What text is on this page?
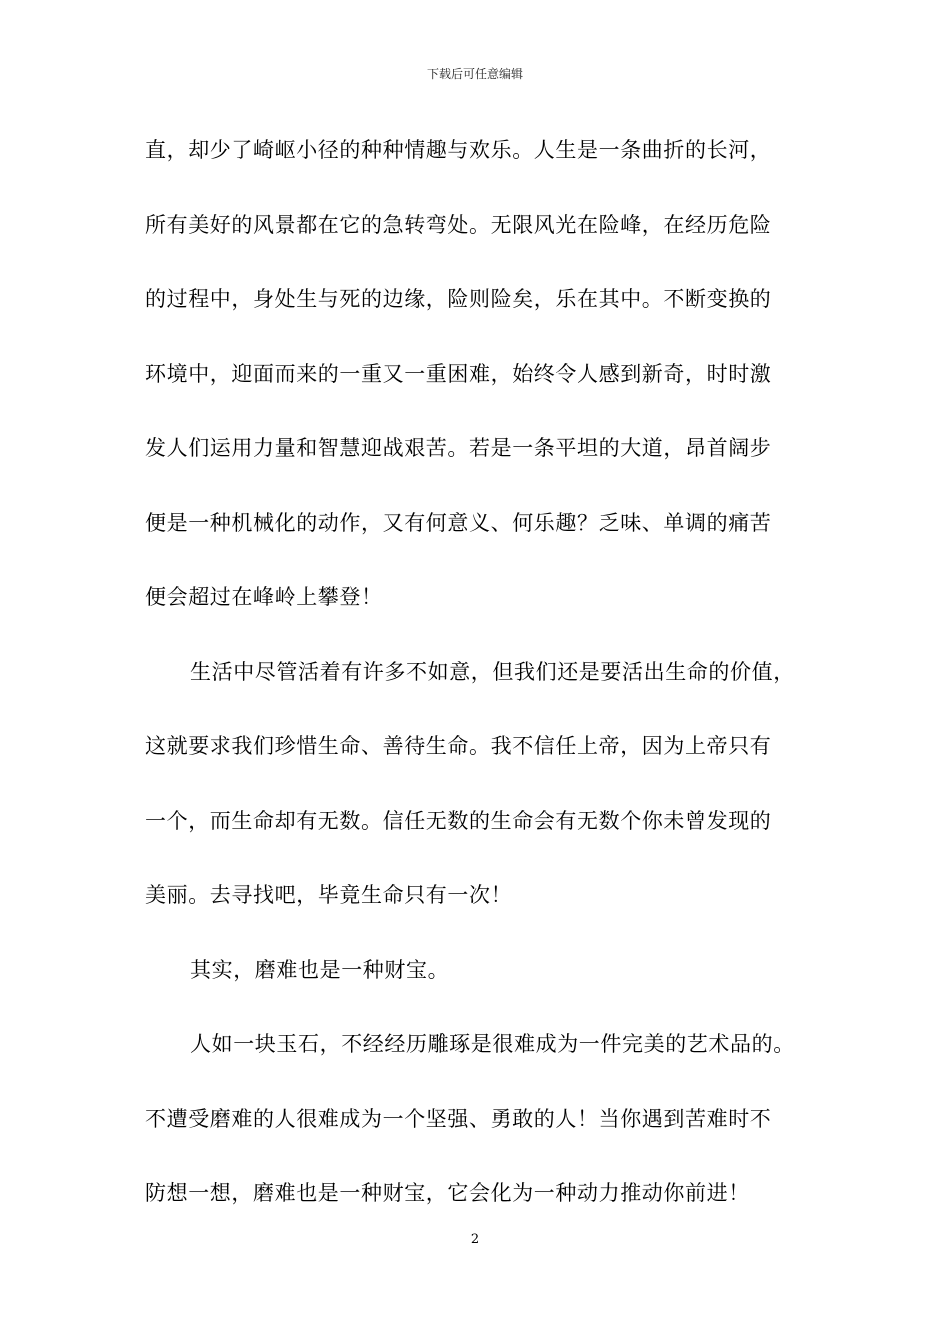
下载后可任意编辑
直，却少了崎岖小径的种种情趣与欢乐。人生是一条曲折的长河，
所有美好的风景都在它的急转弯处。无限风光在险峰，在经历危险
的过程中，身处生与死的边缘，险则险矣，乐在其中。不断变换的
环境中，迎面而来的一重又一重困难，始终令人感到新奇，时时激
发人们运用力量和智慧迎战艰苦。若是一条平坦的大道，昂首阔步
便是一种机械化的动作，又有何意义、何乐趣？乏味、单调的痛苦
便会超过在峰岭上攀登！
生活中尽管活着有许多不如意，但我们还是要活出生命的价值，
这就要求我们珍惜生命、善待生命。我不信任上帝，因为上帝只有
一个，而生命却有无数。信任无数的生命会有无数个你未曾发现的
美丽。去寻找吧，毕竟生命只有一次！
其实，磨难也是一种财宝。
人如一块玉石，不经经历雕琢是很难成为一件完美的艺术品的。
不遭受磨难的人很难成为一个坚强、勇敢的人！当你遇到苦难时不
防想一想，磨难也是一种财宝，它会化为一种动力推动你前进！
2
